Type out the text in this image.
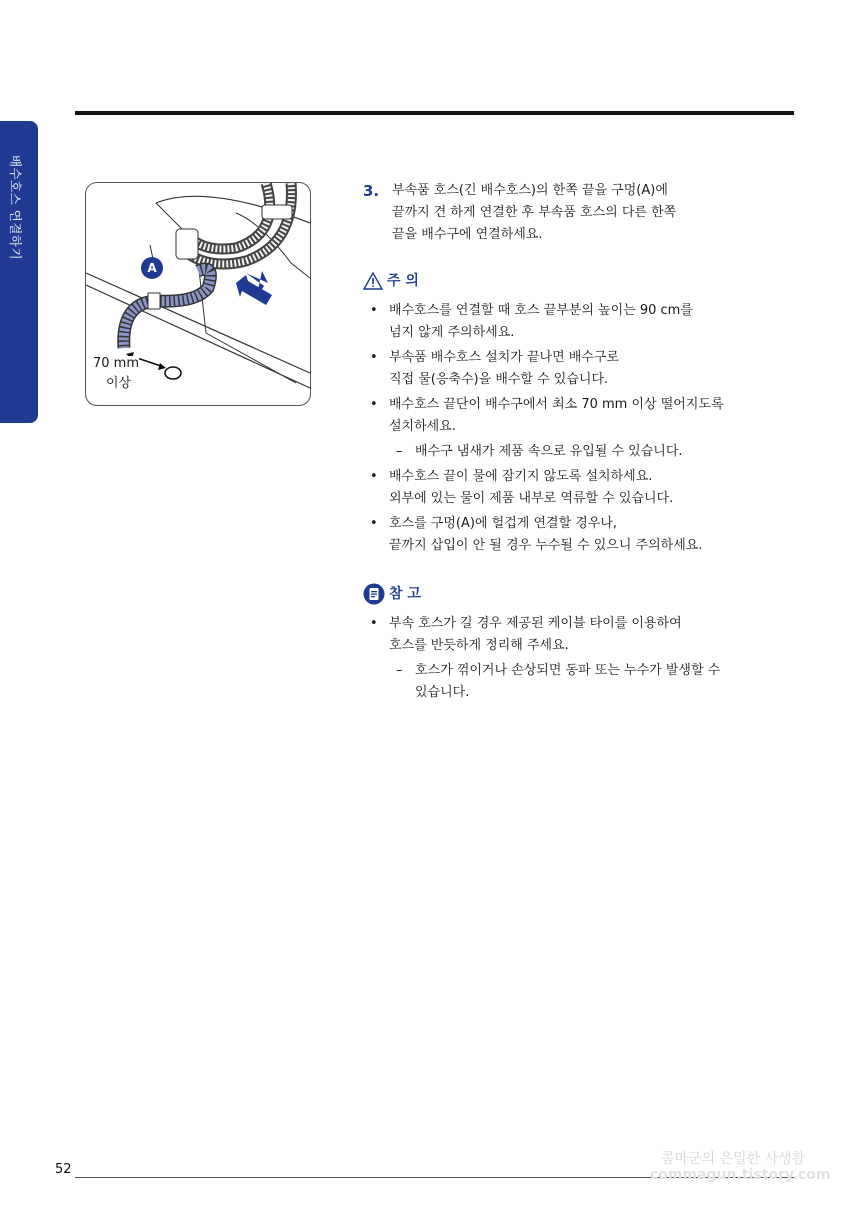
배수호스 연결하기
A
70 mm
이상
3. 부속품 호스(긴 배수호스)의 한쪽 끝을 구멍(A)에
끝까지 견 하게 연결한 후 부속품 호스의 다른 한쪽
끝을 배수구에 연결하세요.
주 의
• 배수호스를 연결할 때 호스 끝부분의 높이는 90 cm를
넘지 않게 주의하세요.
• 부속품 배수호스 설치가 끝나면 배수구로
직접 물(응축수)을 배수할 수 있습니다.
• 배수호스 끝단이 배수구에서 최소 70 mm 이상 떨어지도록
설치하세요.
– 배수구 냄새가 제품 속으로 유입될 수 있습니다.
• 배수호스 끝이 물에 잠기지 않도록 설치하세요.
외부에 있는 물이 제품 내부로 역류할 수 있습니다.
• 호스를 구멍(A)에 헐겁게 연결할 경우나,
끝까지 삽입이 안 될 경우 누수될 수 있으니 주의하세요.
참 고
• 부속 호스가 길 경우 제공된 케이블 타이를 이용하여
호스를 반듯하게 정리해 주세요.
– 호스가 꺾이거나 손상되면 동파 또는 누수가 발생할 수
있습니다.
52
콤마군의 은밀한 사생활
commagun.tistory.com
